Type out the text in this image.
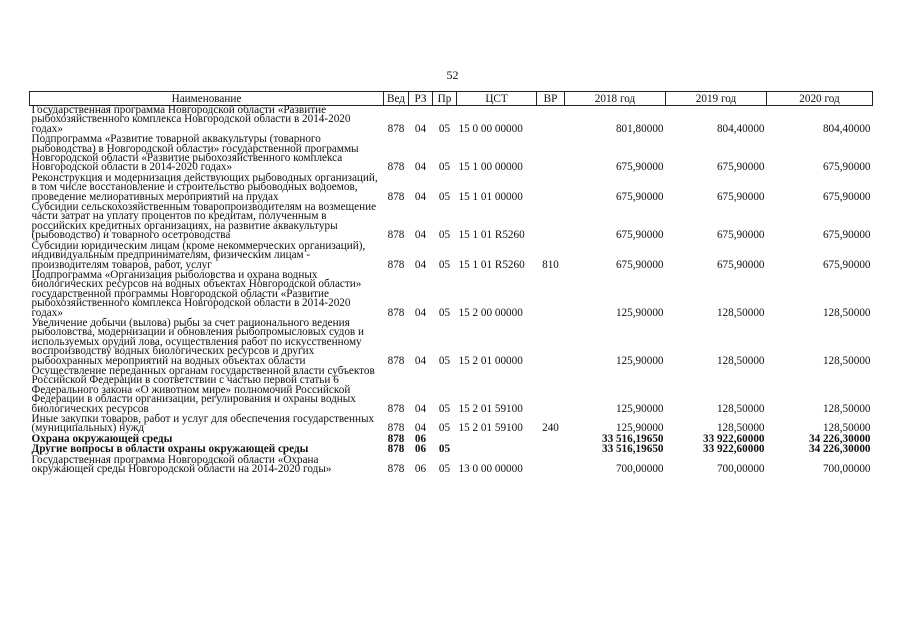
52
Наименование	Вед	РЗ	Пр	ЦСТ	ВР	2018 год	2019 год	2020 год
Государственная программа Новгородской области «Развитие рыбохозяйственного комплекса Новгородской области в 2014-2020 годах»	878	04	05	15 0 00 00000		801,80000	804,40000	804,40000
Подпрограмма «Развитие товарной аквакультуры (товарного рыбоводства) в Новгородской области» государственной программы Новгородской области «Развитие рыбохозяйственного комплекса Новгородской области в 2014-2020 годах»	878	04	05	15 1 00 00000		675,90000	675,90000	675,90000
Реконструкция и модернизация действующих рыбоводных организаций, в том числе восстановление и строительство рыбоводных водоемов, проведение мелиоративных мероприятий на прудах	878	04	05	15 1 01 00000		675,90000	675,90000	675,90000
Субсидии сельскохозяйственным товаропроизводителям на возмещение части затрат на уплату процентов по кредитам, полученным в российских кредитных организациях, на развитие аквакультуры (рыбоводство) и товарного осетроводства	878	04	05	15 1 01 R5260		675,90000	675,90000	675,90000
Субсидии юридическим лицам (кроме некоммерческих организаций), индивидуальным предпринимателям, физическим лицам - производителям товаров, работ, услуг	878	04	05	15 1 01 R5260	810	675,90000	675,90000	675,90000
Подпрограмма «Организация рыболовства и охрана водных биологических ресурсов на водных объектах Новгородской области» государственной программы Новгородской области «Развитие рыбохозяйственного комплекса Новгородской области в 2014-2020 годах»	878	04	05	15 2 00 00000		125,90000	128,50000	128,50000
Увеличение добычи (вылова) рыбы за счет рационального ведения рыболовства, модернизации и обновления рыбопромысловых судов и используемых орудий лова, осуществления работ по искусственному воспроизводству водных биологических ресурсов и других рыбоохранных мероприятий на водных объектах области	878	04	05	15 2 01 00000		125,90000	128,50000	128,50000
Осуществление переданных органам государственной власти субъектов Российской Федерации в соответствии с частью первой статьи 6 Федерального закона «О животном мире» полномочий Российской Федерации в области организации, регулирования и охраны водных биологических ресурсов	878	04	05	15 2 01 59100		125,90000	128,50000	128,50000
Иные закупки товаров, работ и услуг для обеспечения государственных (муниципальных) нужд	878	04	05	15 2 01 59100	240	125,90000	128,50000	128,50000
Охрана окружающей среды	878	06				33 516,19650	33 922,60000	34 226,30000
Другие вопросы в области охраны окружающей среды	878	06	05			33 516,19650	33 922,60000	34 226,30000
Государственная программа Новгородской области «Охрана окружающей среды Новгородской области на 2014-2020 годы»	878	06	05	13 0 00 00000		700,00000	700,00000	700,00000
